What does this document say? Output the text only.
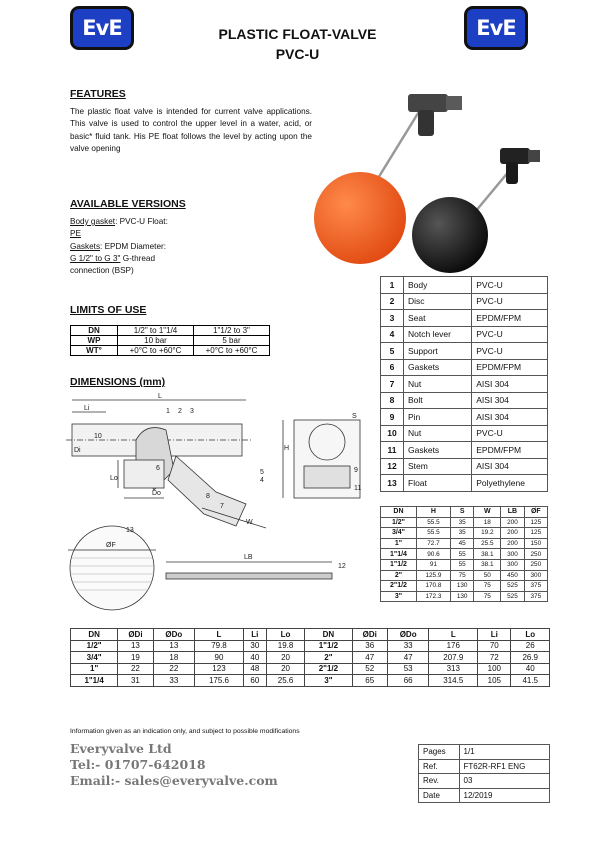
EvE	EvE
PLASTIC FLOAT-VALVE
PVC-U
FEATURES
The plastic float valve is intended for current valve applications. This valve is used to control the upper level in a water, acid, or basic* fluid tank. His PE float follows the level by acting upon the valve opening
AVAILABLE VERSIONS
Body gasket: PVC-U Float:
PE
Gaskets: EPDM Diameter:
G 1/2" to G 3" G-thread
connection (BSP)
LIMITS OF USE
DN	1/2" to 1"1/4	1"1/2 to 3"
WP	10 bar	5 bar
WT°	+0°C to +60°C	+0°C to +60°C
DIMENSIONS (mm)
L
Li
Lo
Do
Di	H
S
W
LB
ØF
1 2 3
4
5
6
7
8
9
10
11
12
13
1	Body	PVC-U
2	Disc	PVC-U
3	Seat	EPDM/FPM
4	Notch lever	PVC-U
5	Support	PVC-U
6	Gaskets	EPDM/FPM
7	Nut	AISI 304
8	Bolt	AISI 304
9	Pin	AISI 304
10	Nut	PVC-U
11	Gaskets	EPDM/FPM
12	Stem	AISI 304
13	Float	Polyethylene
DN	H	S	W	LB	ØF
1/2"	55.5	35	18	200	125
3/4"	55.5	35	19.2	200	125
1"	72.7	45	25.5	200	150
1"1/4	90.6	55	38.1	300	250
1"1/2	91	55	38.1	300	250
2"	125.9	75	50	450	300
2"1/2	170.8	130	75	525	375
3"	172.3	130	75	525	375
DN	ØDi	ØDo	L	Li	Lo	DN	ØDi	ØDo	L	Li	Lo
1/2"	13	13	79.8	30	19.8	1"1/2	36	33	176	70	26
3/4"	19	18	90	40	20	2"	47	47	207.9	72	26.9
1"	22	22	123	48	20	2"1/2	52	53	313	100	40
1"1/4	31	33	175.6	60	25.6	3"	65	66	314.5	105	41.5
Information given as an indication only, and subject to possible modifications
Everyvalve Ltd
Tel:- 01707-642018
Email:- sales@everyvalve.com
Pages	1/1
Ref.	FT62R-RF1 ENG
Rev.	03
Date	12/2019
